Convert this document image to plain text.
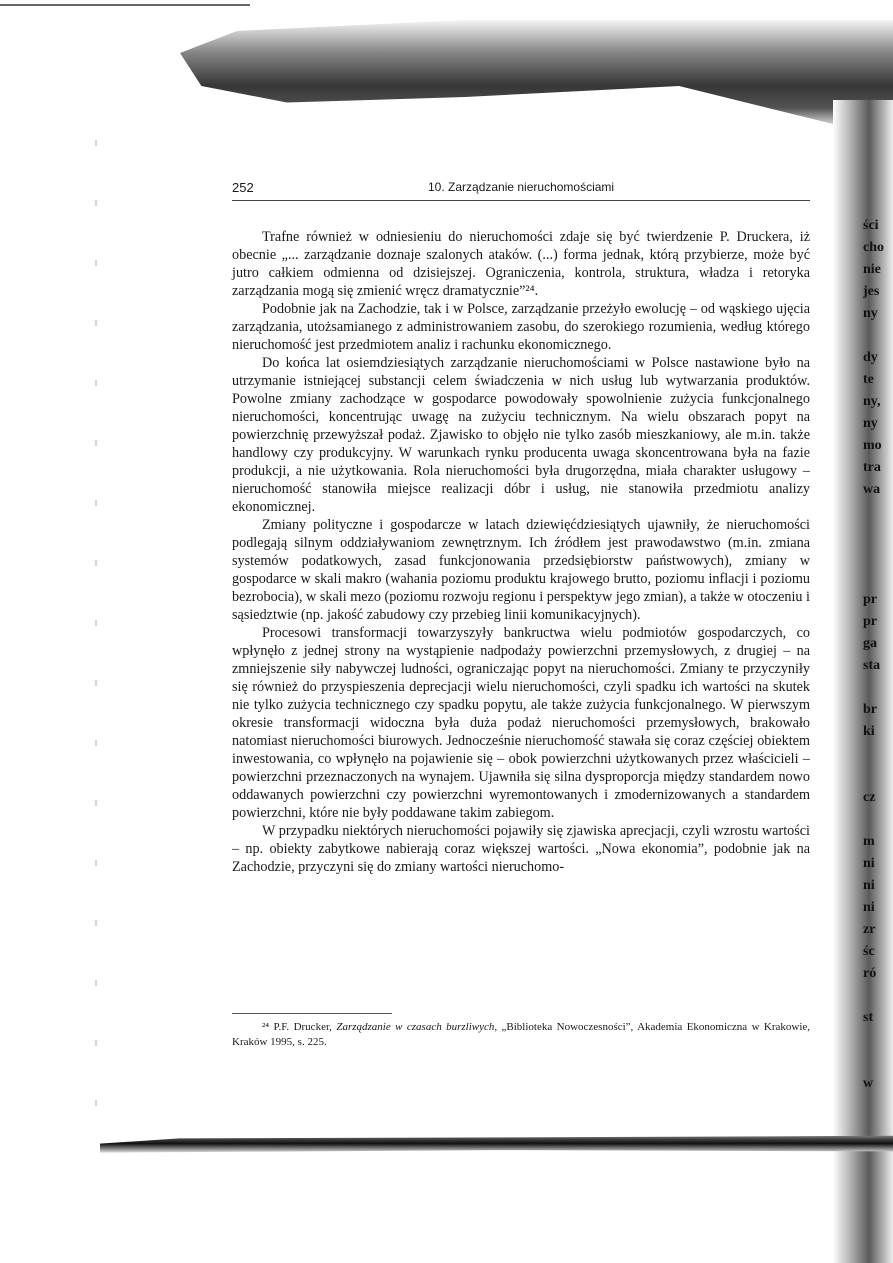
ści
cho
nie
jes
ny
dy
te
ny,
ny
mo
tra
wa
pr
pr
ga
sta
br
ki
cz
m
ni
ni
ni
zr
śc
ró
st
w
252	10. Zarządzanie nieruchomościami

Trafne również w odniesieniu do nieruchomości zdaje się być twierdzenie P. Druckera, iż obecnie „... zarządzanie doznaje szalonych ataków. (...) forma jednak, którą przybierze, może być jutro całkiem odmienna od dzisiejszej. Ograniczenia, kontrola, struktura, władza i retoryka zarządzania mogą się zmienić wręcz dramatycznie”²⁴.

Podobnie jak na Zachodzie, tak i w Polsce, zarządzanie przeżyło ewolucję – od wąskiego ujęcia zarządzania, utożsamianego z administrowaniem zasobu, do szerokiego rozumienia, według którego nieruchomość jest przedmiotem analiz i rachunku ekonomicznego.

Do końca lat osiemdziesiątych zarządzanie nieruchomościami w Polsce nastawione było na utrzymanie istniejącej substancji celem świadczenia w nich usług lub wytwarzania produktów. Powolne zmiany zachodzące w gospodarce powodowały spowolnienie zużycia funkcjonalnego nieruchomości, koncentrując uwagę na zużyciu technicznym. Na wielu obszarach popyt na powierzchnię przewyższał podaż. Zjawisko to objęło nie tylko zasób mieszkaniowy, ale m.in. także handlowy czy produkcyjny. W warunkach rynku producenta uwaga skoncentrowana była na fazie produkcji, a nie użytkowania. Rola nieruchomości była drugorzędna, miała charakter usługowy – nieruchomość stanowiła miejsce realizacji dóbr i usług, nie stanowiła przedmiotu analizy ekonomicznej.

Zmiany polityczne i gospodarcze w latach dziewięćdziesiątych ujawniły, że nieruchomości podlegają silnym oddziaływaniom zewnętrznym. Ich źródłem jest prawodawstwo (m.in. zmiana systemów podatkowych, zasad funkcjonowania przedsiębiorstw państwowych), zmiany w gospodarce w skali makro (wahania poziomu produktu krajowego brutto, poziomu inflacji i poziomu bezrobocia), w skali mezo (poziomu rozwoju regionu i perspektyw jego zmian), a także w otoczeniu i sąsiedztwie (np. jakość zabudowy czy przebieg linii komunikacyjnych).

Procesowi transformacji towarzyszyły bankructwa wielu podmiotów gospodarczych, co wpłynęło z jednej strony na wystąpienie nadpodaży powierzchni przemysłowych, z drugiej – na zmniejszenie siły nabywczej ludności, ograniczając popyt na nieruchomości. Zmiany te przyczyniły się również do przyspieszenia deprecjacji wielu nieruchomości, czyli spadku ich wartości na skutek nie tylko zużycia technicznego czy spadku popytu, ale także zużycia funkcjonalnego. W pierwszym okresie transformacji widoczna była duża podaż nieruchomości przemysłowych, brakowało natomiast nieruchomości biurowych. Jednocześnie nieruchomość stawała się coraz częściej obiektem inwestowania, co wpłynęło na pojawienie się – obok powierzchni użytkowanych przez właścicieli – powierzchni przeznaczonych na wynajem. Ujawniła się silna dysproporcja między standardem nowo oddawanych powierzchni czy powierzchni wyremontowanych i zmodernizowanych a standardem powierzchni, które nie były poddawane takim zabiegom.

W przypadku niektórych nieruchomości pojawiły się zjawiska aprecjacji, czyli wzrostu wartości – np. obiekty zabytkowe nabierają coraz większej wartości. „Nowa ekonomia”, podobnie jak na Zachodzie, przyczyni się do zmiany wartości nieruchomo-

²⁴ P.F. Drucker, Zarządzanie w czasach burzliwych, „Biblioteka Nowoczesności”, Akademia Ekonomiczna w Krakowie, Kraków 1995, s. 225.
